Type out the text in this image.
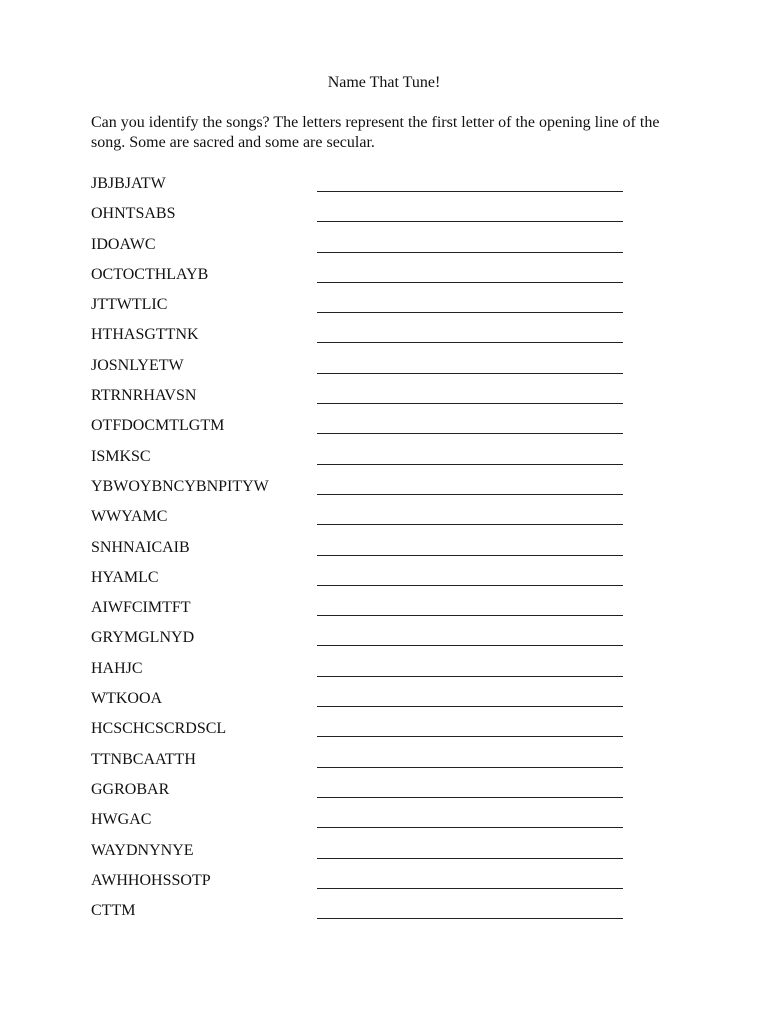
Name That Tune!
Can you identify the songs? The letters represent the first letter of the opening line of the song. Some are sacred and some are secular.
JBJBJATW
OHNTSABS
IDOAWC
OCTOCTHLAYB
JTTWTLIC
HTHASGTTNK
JOSNLYETW
RTRNRHAVSN
OTFDOCMTLGTM
ISMKSC
YBWOYBNCYBNPITYW
WWYAMC
SNHNAICAIB
HYAMLC
AIWFCIMTFT
GRYMGLNYD
HAHJC
WTKOOA
HCSCHCSCRDSCL
TTNBCAATTH
GGROBAR
HWGAC
WAYDNYNYE
AWHHOHSSOTP
CTTM
